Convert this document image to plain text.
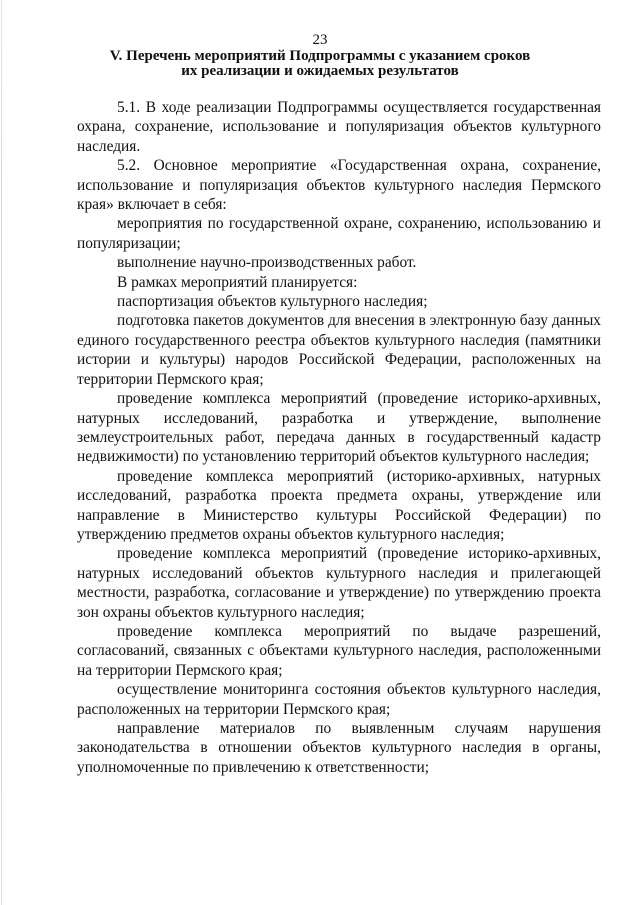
23
V. Перечень мероприятий Подпрограммы с указанием сроков
их реализации и ожидаемых результатов

5.1. В ходе реализации Подпрограммы осуществляется государственная охрана, сохранение, использование и популяризация объектов культурного наследия.

5.2. Основное мероприятие «Государственная охрана, сохранение, использование и популяризация объектов культурного наследия Пермского края» включает в себя:

мероприятия по государственной охране, сохранению, использованию и популяризации;

выполнение научно-производственных работ.

В рамках мероприятий планируется:

паспортизация объектов культурного наследия;

подготовка пакетов документов для внесения в электронную базу данных единого государственного реестра объектов культурного наследия (памятники истории и культуры) народов Российской Федерации, расположенных на территории Пермского края;

проведение комплекса мероприятий (проведение историко-архивных, натурных исследований, разработка и утверждение, выполнение землеустроительных работ, передача данных в государственный кадастр недвижимости) по установлению территорий объектов культурного наследия;

проведение комплекса мероприятий (историко-архивных, натурных исследований, разработка проекта предмета охраны, утверждение или направление в Министерство культуры Российской Федерации) по утверждению предметов охраны объектов культурного наследия;

проведение комплекса мероприятий (проведение историко-архивных, натурных исследований объектов культурного наследия и прилегающей местности, разработка, согласование и утверждение) по утверждению проекта зон охраны объектов культурного наследия;

проведение комплекса мероприятий по выдаче разрешений, согласований, связанных с объектами культурного наследия, расположенными на территории Пермского края;

осуществление мониторинга состояния объектов культурного наследия, расположенных на территории Пермского края;

направление материалов по выявленным случаям нарушения законодательства в отношении объектов культурного наследия в органы, уполномоченные по привлечению к ответственности;
